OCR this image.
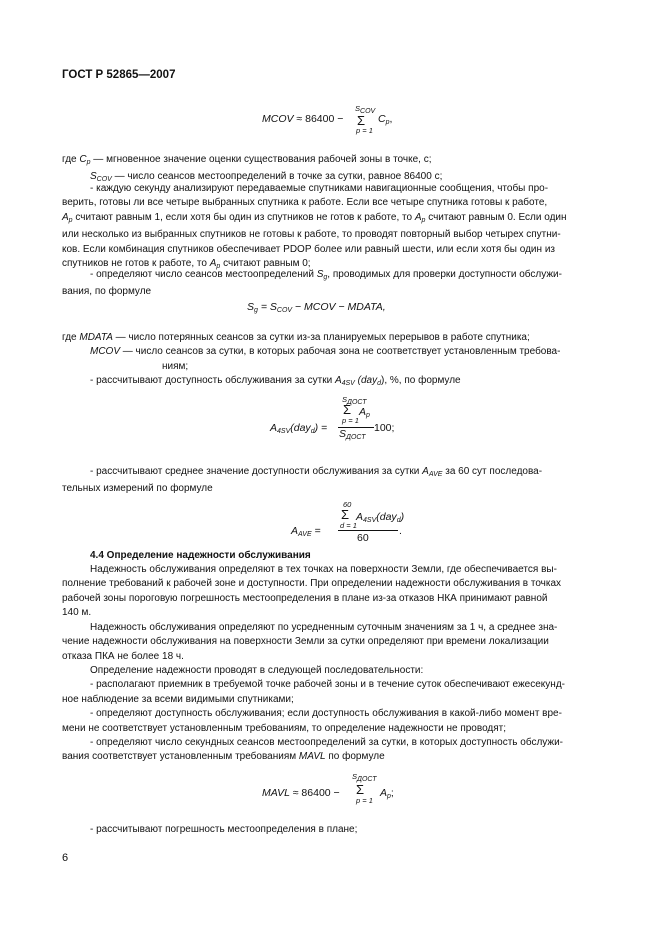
ГОСТ Р 52865—2007
MCOV ≈ 86400 −
$S_{COV}$
Σ
p = 1
$C_p$,
где $C_p$ — мгновенное значение оценки существования рабочей зоны в точке, с;
$S_{COV}$ — число сеансов местоопределений в точке за сутки, равное 86400 с;
- каждую секунду анализируют передаваемые спутниками навигационные сообщения, чтобы про-
верить, готовы ли все четыре выбранных спутника к работе. Если все четыре спутника готовы к работе,
$A_p$ считают равным 1, если хотя бы один из спутников не готов к работе, то $A_p$ считают равным 0. Если один
или несколько из выбранных спутников не готовы к работе, то проводят повторный выбор четырех спутни-
ков. Если комбинация спутников обеспечивает PDOP более или равный шести, или если хотя бы один из
спутников не готов к работе, то $A_p$ считают равным 0;
- определяют число сеансов местоопределений $S_g$, проводимых для проверки доступности обслужи-
вания, по формуле
$S_g = S_{COV}$ − MCOV − MDATA,
где MDATA — число потерянных сеансов за сутки из-за планируемых перерывов в работе спутника;
MCOV — число сеансов за сутки, в которых рабочая зона не соответствует установленным требова-
ниям;
- рассчитывают доступность обслуживания за сутки $A_{4SV}$ (day$_d$), %, по формуле
$A_{4SV}(day_d)$ =
$S_{ДОСТ}$
Σ
p = 1
$A_p$
$S_{ДОСТ}$
100;
- рассчитывают среднее значение доступности обслуживания за сутки $A_{AVE}$ за 60 сут последова-
тельных измерений по формуле
$A_{AVE}$ =
60
Σ
d = 1
$A_{4SV}(day_d)$
60
.
4.4 Определение надежности обслуживания
Надежность обслуживания определяют в тех точках на поверхности Земли, где обеспечивается вы-
полнение требований к рабочей зоне и доступности. При определении надежности обслуживания в точках
рабочей зоны пороговую погрешность местоопределения в плане из-за отказов НКА принимают равной
140 м.
Надежность обслуживания определяют по усредненным суточным значениям за 1 ч, а среднее зна-
чение надежности обслуживания на поверхности Земли за сутки определяют при времени локализации
отказа ПКА не более 18 ч.
Определение надежности проводят в следующей последовательности:
- располагают приемник в требуемой точке рабочей зоны и в течение суток обеспечивают ежесекунд-
ное наблюдение за всеми видимыми спутниками;
- определяют доступность обслуживания; если доступность обслуживания в какой-либо момент вре-
мени не соответствует установленным требованиям, то определение надежности не проводят;
- определяют число секундных сеансов местоопределений за сутки, в которых доступность обслужи-
вания соответствует установленным требованиям MAVL по формуле
MAVL ≈ 86400 −
$S_{ДОСТ}$
Σ
p = 1
$A_p$;
- рассчитывают погрешность местоопределения в плане;
6
